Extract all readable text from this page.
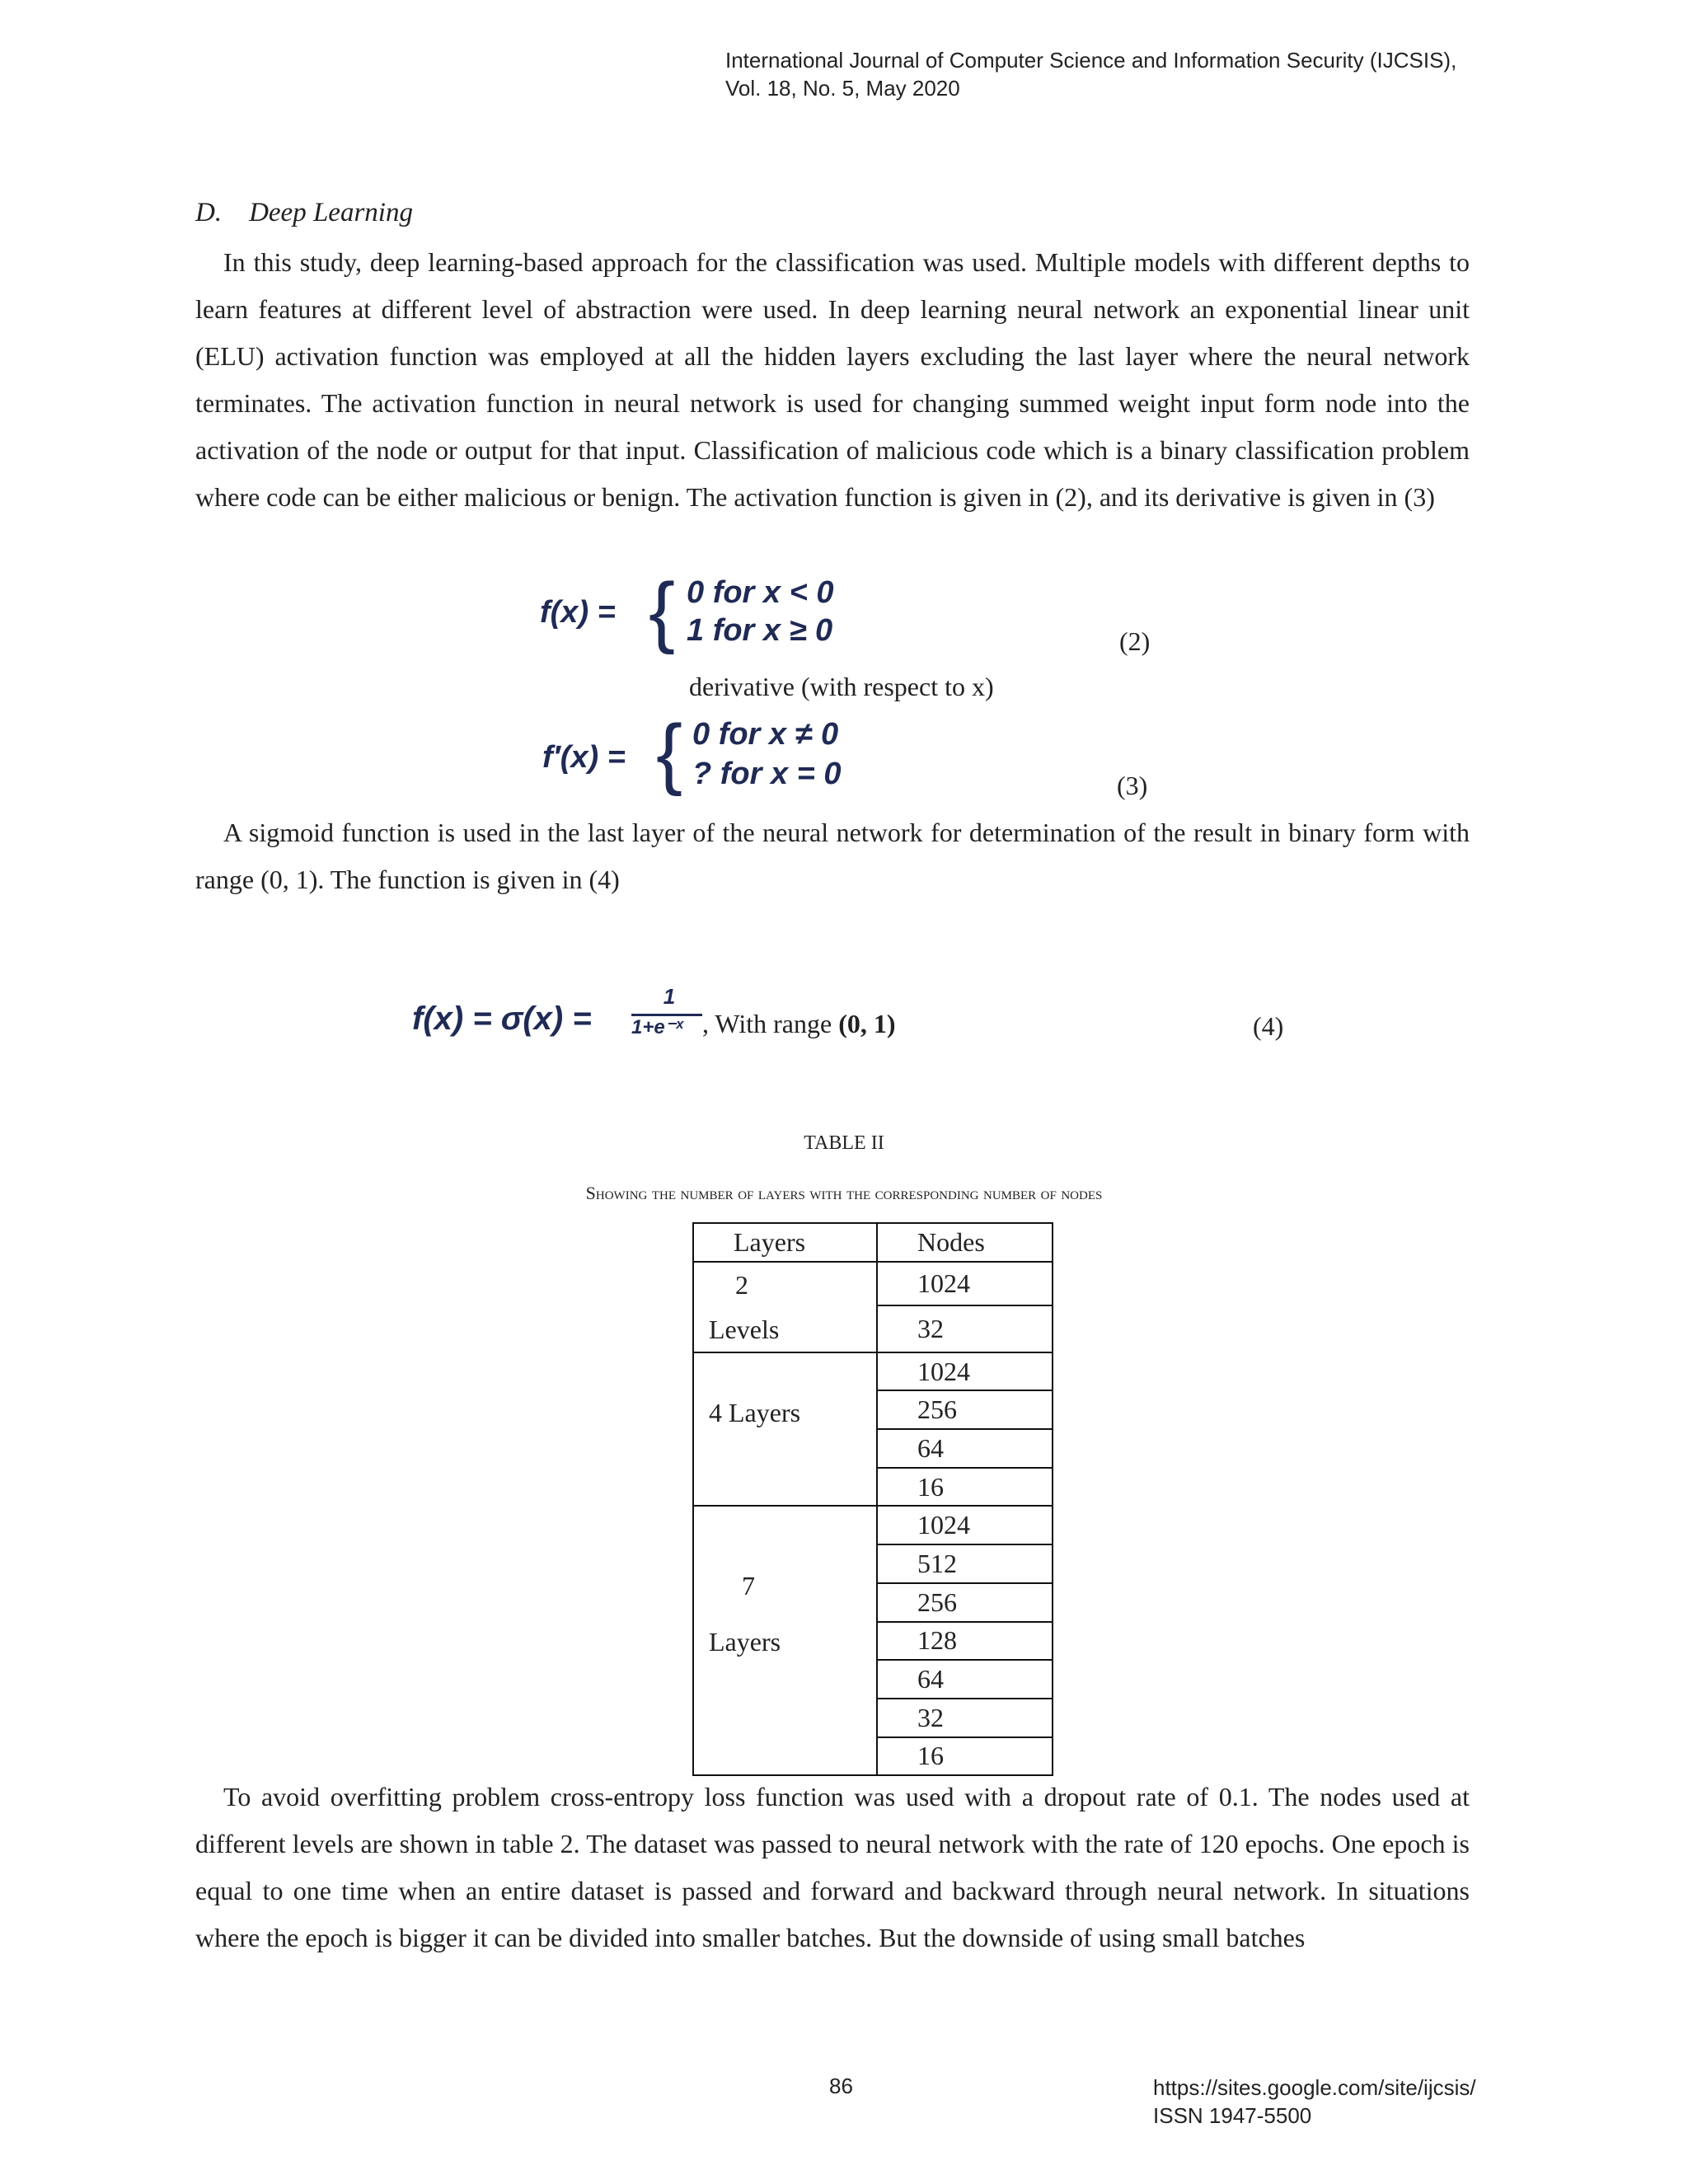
International Journal of Computer Science and Information Security (IJCSIS),
Vol. 18, No. 5, May 2020
D.    Deep Learning

In this study, deep learning-based approach for the classification was used. Multiple models with different depths to learn features at different level of abstraction were used. In deep learning neural network an exponential linear unit (ELU) activation function was employed at all the hidden layers excluding the last layer where the neural network terminates. The activation function in neural network is used for changing summed weight input form node into the activation of the node or output for that input. Classification of malicious code which is a binary classification problem where code can be either malicious or benign. The activation function is given in (2), and its derivative is given in (3)

f(x) = { 0 for x < 0
1 for x ≥ 0	(2)
derivative (with respect to x)
f′(x) = { 0 for x ≠ 0
? for x = 0	(3)

A sigmoid function is used in the last layer of the neural network for determination of the result in binary form with range (0, 1). The function is given in (4)

f(x) = σ(x) =
1
1+e⁻ˣ , With range (0, 1)	(4)
TABLE II
Showing the number of layers with the corresponding number of nodes
Layers	Nodes

2
Levels	1024
	32
4 Layers	1024
	256
	64
	16

7
Layers	1024
	512
	256
	128
	64
	32
	16

To avoid overfitting problem cross-entropy loss function was used with a dropout rate of 0.1. The nodes used at different levels are shown in table 2. The dataset was passed to neural network with the rate of 120 epochs. One epoch is equal to one time when an entire dataset is passed and forward and backward through neural network. In situations where the epoch is bigger it can be divided into smaller batches. But the downside of using small batches

86	https://sites.google.com/site/ijcsis/
ISSN 1947-5500
